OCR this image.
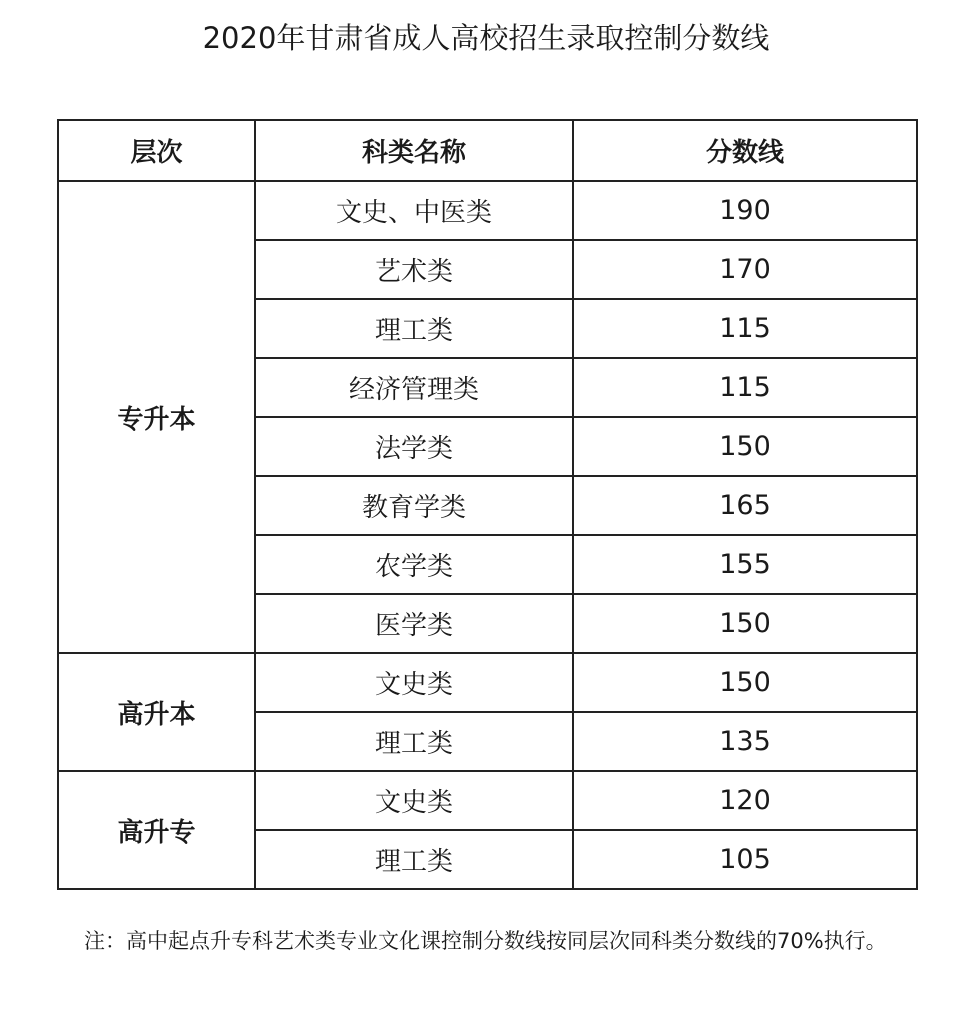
2020年甘肃省成人高校招生录取控制分数线
层次	科类名称	分数线
专升本	文史、中医类	190
	艺术类	170
	理工类	115
	经济管理类	115
	法学类	150
	教育学类	165
	农学类	155
	医学类	150
高升本	文史类	150
	理工类	135
高升专	文史类	120
	理工类	105
注：高中起点升专科艺术类专业文化课控制分数线按同层次同科类分数线的70%执行。
